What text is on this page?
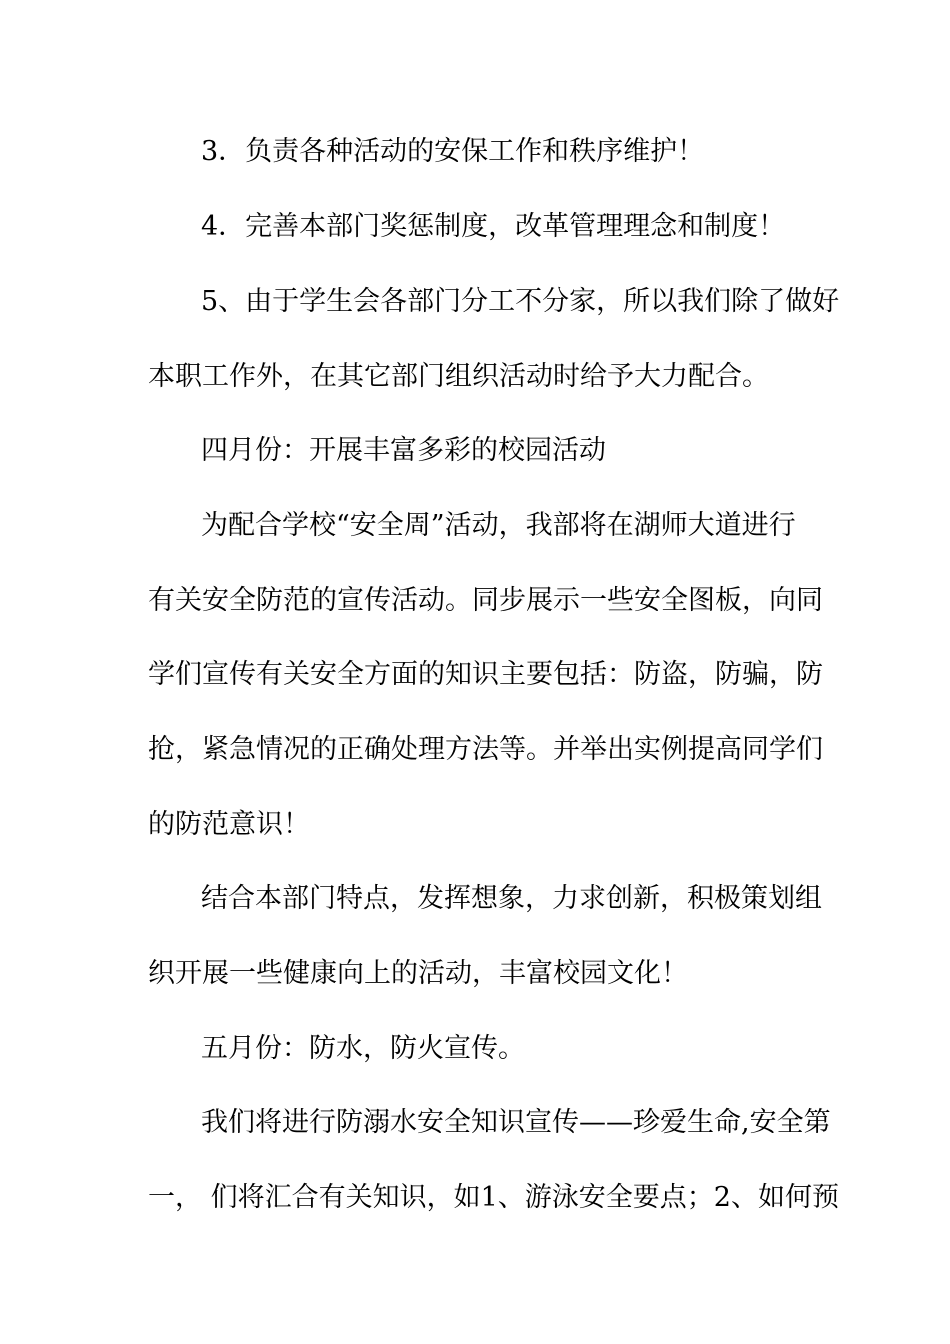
3．负责各种活动的安保工作和秩序维护！
4．完善本部门奖惩制度，改革管理理念和制度！
5、由于学生会各部门分工不分家，所以我们除了做好
本职工作外，在其它部门组织活动时给予大力配合。
四月份：开展丰富多彩的校园活动
为配合学校“安全周”活动，我部将在湖师大道进行
有关安全防范的宣传活动。同步展示一些安全图板，向同
学们宣传有关安全方面的知识主要包括：防盗，防骗，防
抢，紧急情况的正确处理方法等。并举出实例提高同学们
的防范意识！
结合本部门特点，发挥想象，力求创新，积极策划组
织开展一些健康向上的活动，丰富校园文化！
五月份：防水，防火宣传。
我们将进行防溺水安全知识宣传——珍爱生命,安全第
一， 们将汇合有关知识，如1、游泳安全要点；2、如何预
